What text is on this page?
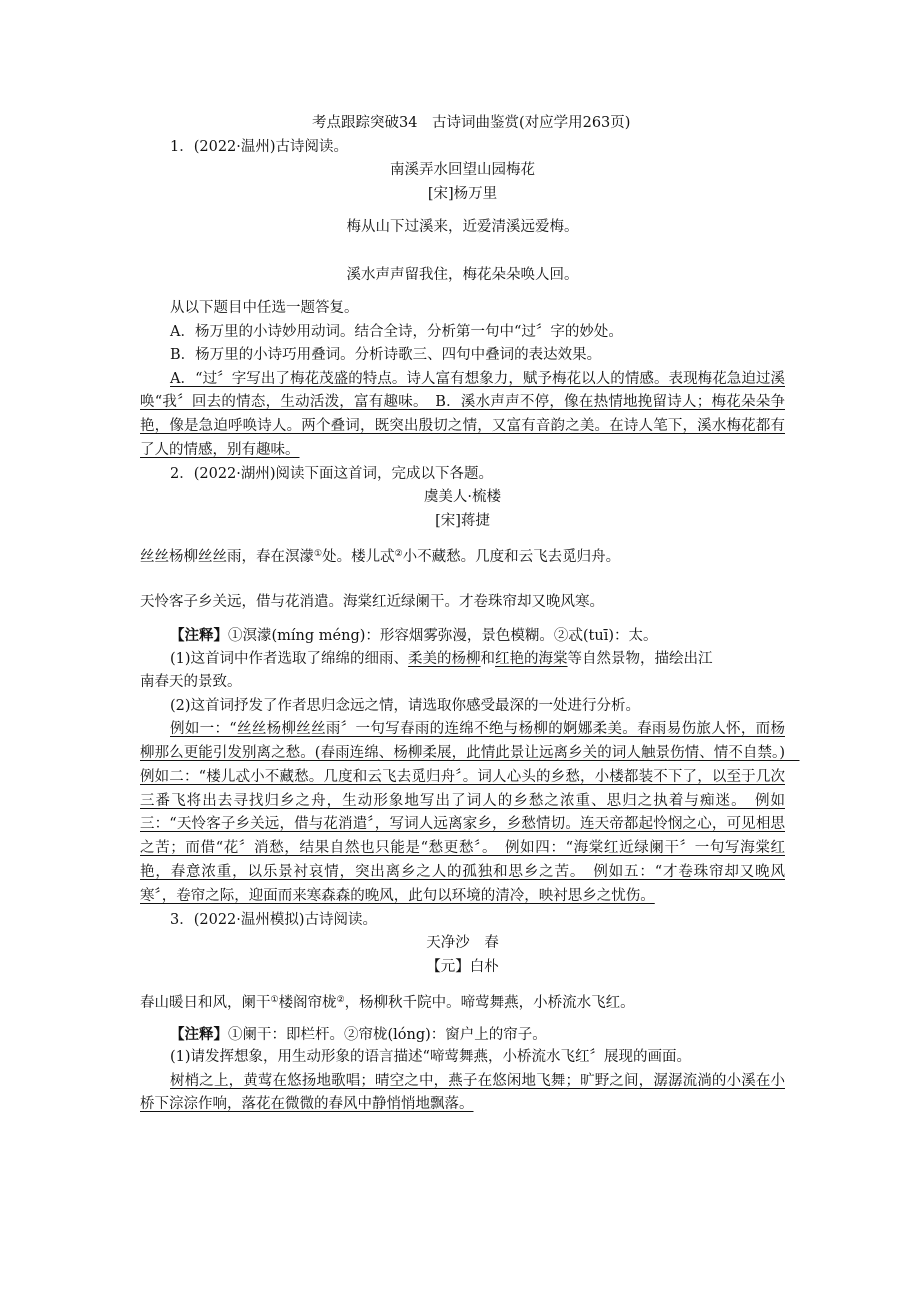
考点跟踪突破34　古诗词曲鉴赏(对应学用263页)
1．(2022·温州)古诗阅读。
南溪弄水回望山园梅花
[宋]杨万里
梅从山下过溪来，近爱清溪远爱梅。
溪水声声留我住，梅花朵朵唤人回。
从以下题目中任选一题答复。
A．杨万里的小诗妙用动词。结合全诗，分析第一句中“过〞字的妙处。
B．杨万里的小诗巧用叠词。分析诗歌三、四句中叠词的表达效果。
A．“过〞字写出了梅花茂盛的特点。诗人富有想象力，赋予梅花以人的情感。表现梅花急迫过溪唤“我〞回去的情态，生动活泼，富有趣味。　B．溪水声声不停，像在热情地挽留诗人；梅花朵朵争艳，像是急迫呼唤诗人。两个叠词，既突出殷切之情，又富有音韵之美。在诗人笔下，溪水梅花都有了人的情感，别有趣味。
2．(2022·湖州)阅读下面这首词，完成以下各题。
虞美人·梳楼
[宋]蒋捷
丝丝杨柳丝丝雨，春在溟濛①处。楼儿忒②小不藏愁。几度和云飞去觅归舟。
天怜客子乡关远，借与花消遣。海棠红近绿阑干。才卷珠帘却又晚风寒。
【注释】①溟濛(míng méng)：形容烟雾弥漫，景色模糊。②忒(tuī)：太。
(1)这首词中作者选取了绵绵的细雨、柔美的杨柳和红艳的海棠等自然景物，描绘出江
南春天的景致。
(2)这首词抒发了作者思归念远之情，请选取你感受最深的一处进行分析。
例如一：“丝丝杨柳丝丝雨〞一句写春雨的连绵不绝与杨柳的婀娜柔美。春雨易伤旅人怀，而杨柳那么更能引发别离之愁。(春雨连绵、杨柳柔展，此情此景让远离乡关的词人触景伤情、情不自禁。)　例如二：“楼儿忒小不藏愁。几度和云飞去觅归舟〞。词人心头的乡愁，小楼都装不下了，以至于几次三番飞将出去寻找归乡之舟，生动形象地写出了词人的乡愁之浓重、思归之执着与痴迷。　例如三：“天怜客子乡关远，借与花消遣〞，写词人远离家乡，乡愁情切。连天帝都起怜悯之心，可见相思之苦；而借“花〞消愁，结果自然也只能是“愁更愁〞。　例如四：“海棠红近绿阑干〞一句写海棠红艳，春意浓重，以乐景衬哀情，突出离乡之人的孤独和思乡之苦。　例如五：“才卷珠帘却又晚风寒〞，卷帘之际，迎面而来寒森森的晚风，此句以环境的清冷，映衬思乡之忧伤。
3．(2022·温州模拟)古诗阅读。
天净沙　春
【元】白朴
春山暖日和风，阑干①楼阁帘栊②，杨柳秋千院中。啼莺舞燕，小桥流水飞红。
【注释】①阑干：即栏杆。②帘栊(lóng)：窗户上的帘子。
(1)请发挥想象，用生动形象的语言描述“啼莺舞燕，小桥流水飞红〞展现的画面。
树梢之上，黄莺在悠扬地歌唱；晴空之中，燕子在悠闲地飞舞；旷野之间，潺潺流淌的小溪在小桥下淙淙作响，落花在微微的春风中静悄悄地飘落。
